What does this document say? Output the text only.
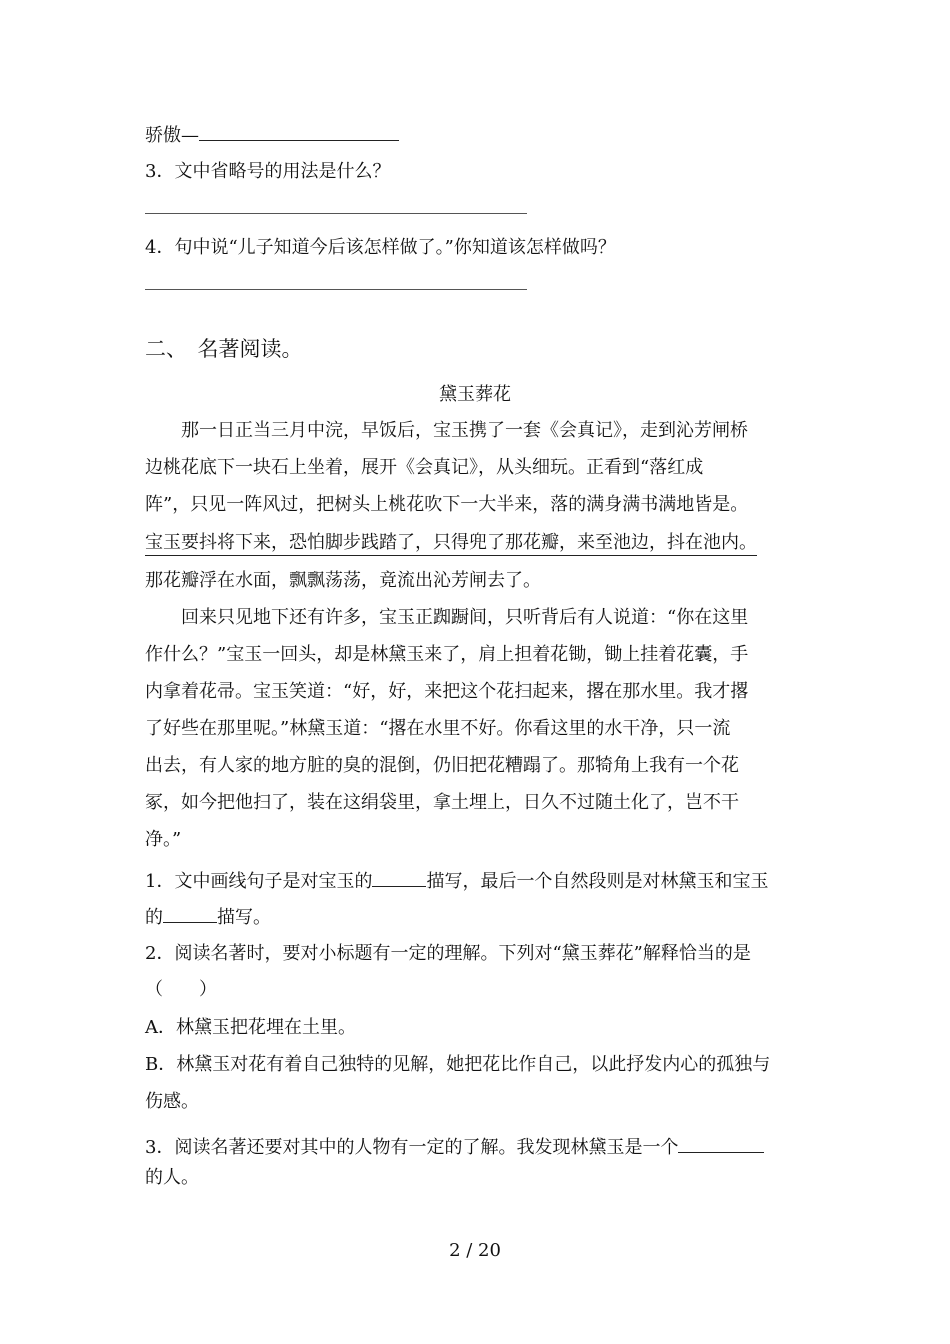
骄傲—
3．文中省略号的用法是什么？
4．句中说“儿子知道今后该怎样做了。”你知道该怎样做吗？
二、　名著阅读。
黛玉葬花
　　那一日正当三月中浣，早饭后，宝玉携了一套《会真记》，走到沁芳闸桥
边桃花底下一块石上坐着，展开《会真记》，从头细玩。正看到“落红成
阵”，只见一阵风过，把树头上桃花吹下一大半来，落的满身满书满地皆是。
宝玉要抖将下来，恐怕脚步践踏了，只得兜了那花瓣，来至池边，抖在池内。
那花瓣浮在水面，飘飘荡荡，竟流出沁芳闸去了。
　　回来只见地下还有许多，宝玉正踟蹰间，只听背后有人说道：“你在这里
作什么？”宝玉一回头，却是林黛玉来了，肩上担着花锄，锄上挂着花囊，手
内拿着花帚。宝玉笑道：“好，好，来把这个花扫起来，撂在那水里。我才撂
了好些在那里呢。”林黛玉道：“撂在水里不好。你看这里的水干净，只一流
出去，有人家的地方脏的臭的混倒，仍旧把花糟蹋了。那犄角上我有一个花
冢，如今把他扫了，装在这绢袋里，拿土埋上，日久不过随土化了，岂不干
净。”
1．文中画线句子是对宝玉的	描写，最后一个自然段则是对林黛玉和宝玉
的	描写。
2．阅读名著时，要对小标题有一定的理解。下列对“黛玉葬花”解释恰当的是
（　　）
A．林黛玉把花埋在土里。
B．林黛玉对花有着自己独特的见解，她把花比作自己，以此抒发内心的孤独与
伤感。
3．阅读名著还要对其中的人物有一定的了解。我发现林黛玉是一个
的人。
2 / 20
